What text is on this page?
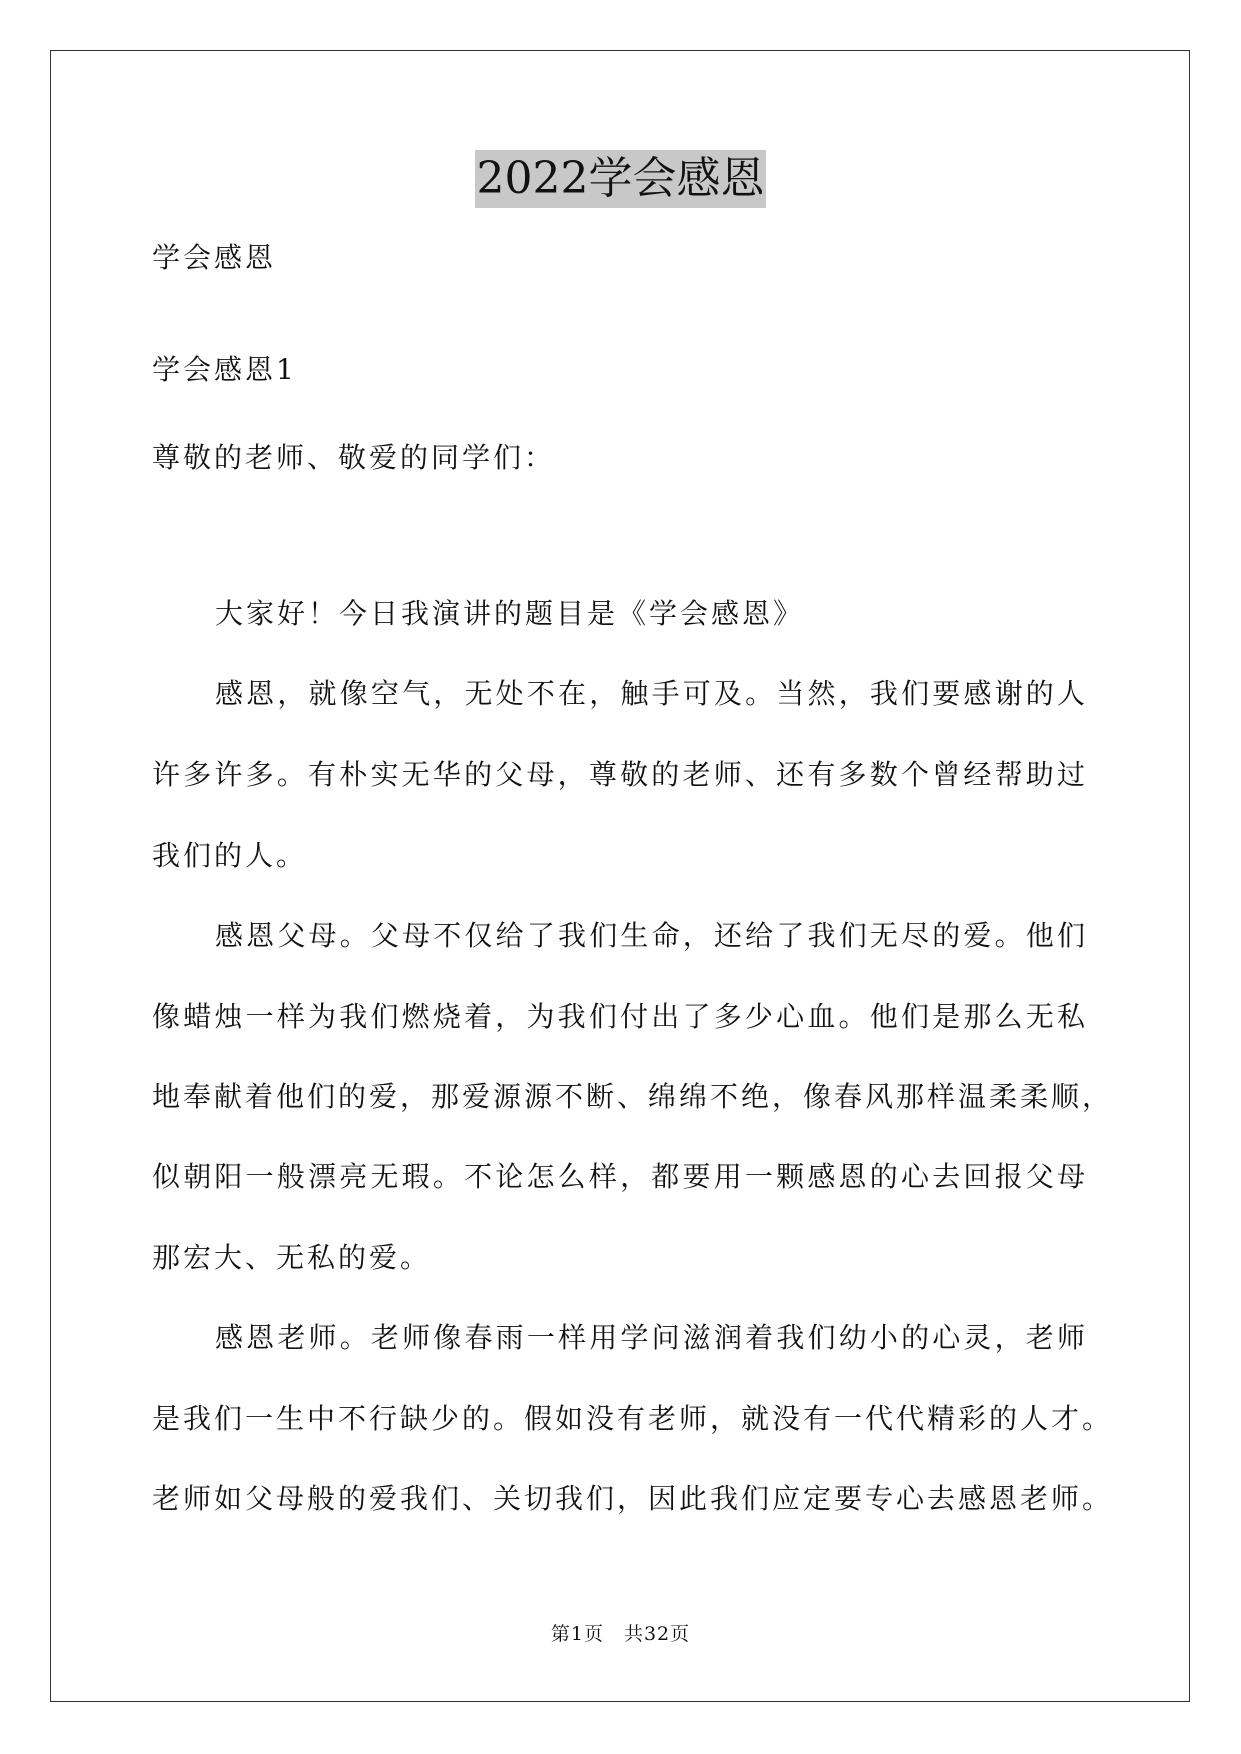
2022学会感恩
学会感恩
学会感恩1
尊敬的老师、敬爱的同学们：
大家好！今日我演讲的题目是《学会感恩》
感恩，就像空气，无处不在，触手可及。当然，我们要感谢的人
许多许多。有朴实无华的父母，尊敬的老师、还有多数个曾经帮助过
我们的人。
感恩父母。父母不仅给了我们生命，还给了我们无尽的爱。他们
像蜡烛一样为我们燃烧着，为我们付出了多少心血。他们是那么无私
地奉献着他们的爱，那爱源源不断、绵绵不绝，像春风那样温柔柔顺，
似朝阳一般漂亮无瑕。不论怎么样，都要用一颗感恩的心去回报父母
那宏大、无私的爱。
感恩老师。老师像春雨一样用学问滋润着我们幼小的心灵，老师
是我们一生中不行缺少的。假如没有老师，就没有一代代精彩的人才。
老师如父母般的爱我们、关切我们，因此我们应定要专心去感恩老师。
第1页　共32页
